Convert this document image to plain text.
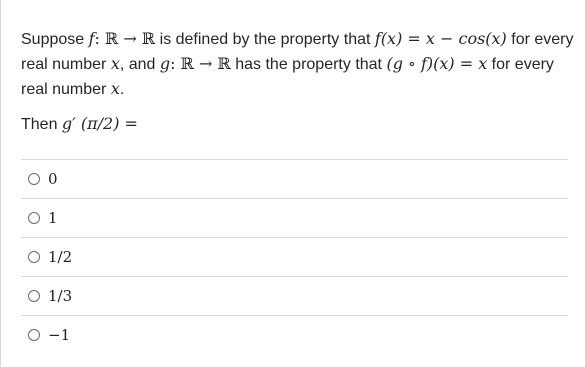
Suppose f: ℝ → ℝ is defined by the property that f(x) = x − cos(x) for every real number x, and g: ℝ → ℝ has the property that (g ∘ f)(x) = x for every real number x.
Then g′ (π/2) =
0
1
1/2
1/3
−1
